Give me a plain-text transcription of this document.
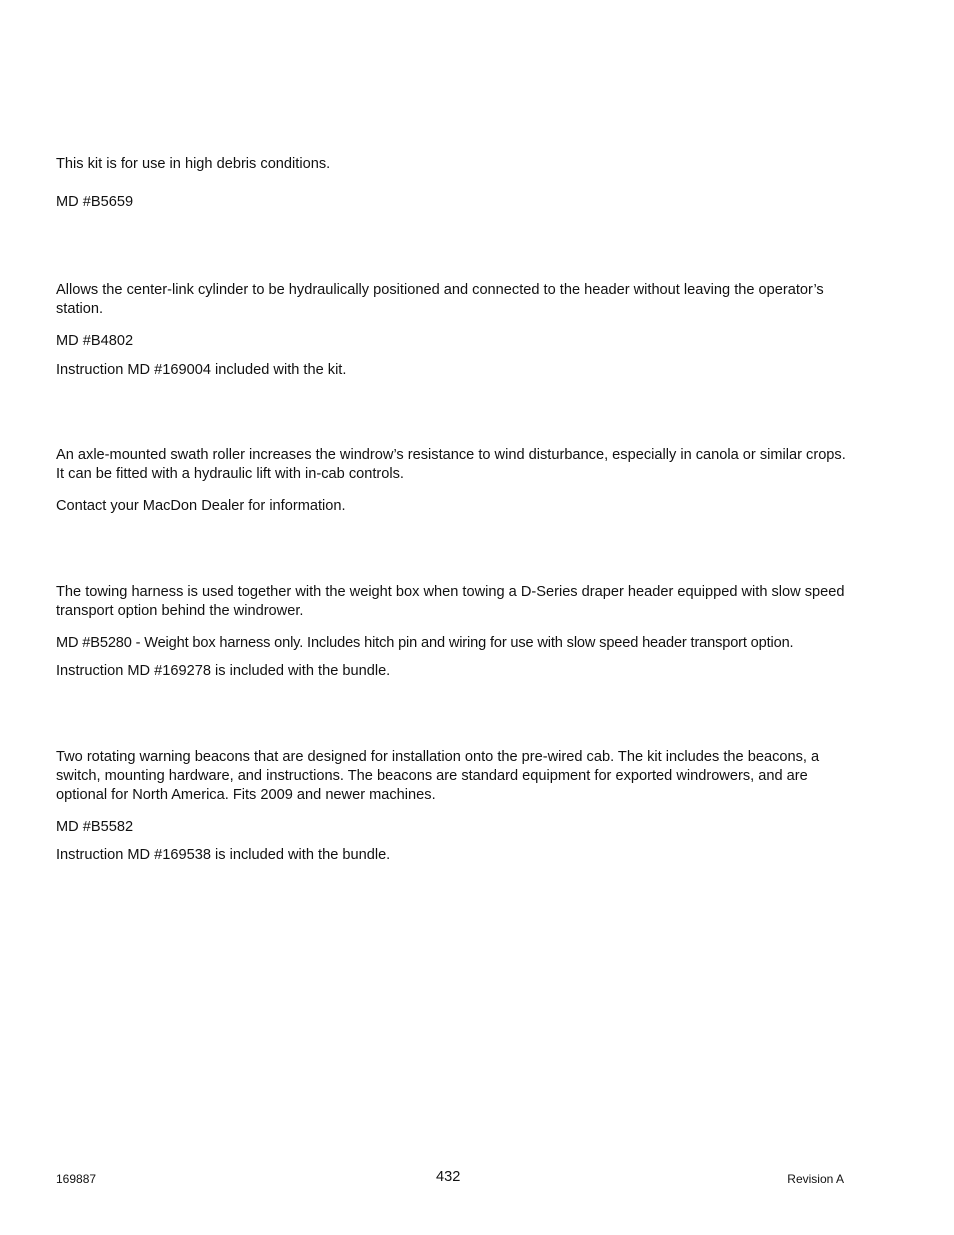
This kit is for use in high debris conditions.

MD #B5659

Allows the center-link cylinder to be hydraulically positioned and connected to the header without leaving the operator’s station.

MD #B4802

Instruction MD #169004 included with the kit.

An axle-mounted swath roller increases the windrow’s resistance to wind disturbance, especially in canola or similar crops. It can be fitted with a hydraulic lift with in-cab controls.

Contact your MacDon Dealer for information.

The towing harness is used together with the weight box when towing a D-Series draper header equipped with slow speed transport option behind the windrower.

MD #B5280 - Weight box harness only. Includes hitch pin and wiring for use with slow speed header transport option.

Instruction MD #169278 is included with the bundle.

Two rotating warning beacons that are designed for installation onto the pre-wired cab. The kit includes the beacons, a switch, mounting hardware, and instructions. The beacons are standard equipment for exported windrowers, and are optional for North America. Fits 2009 and newer machines.

MD #B5582

Instruction MD #169538 is included with the bundle.

169887	432	Revision A
